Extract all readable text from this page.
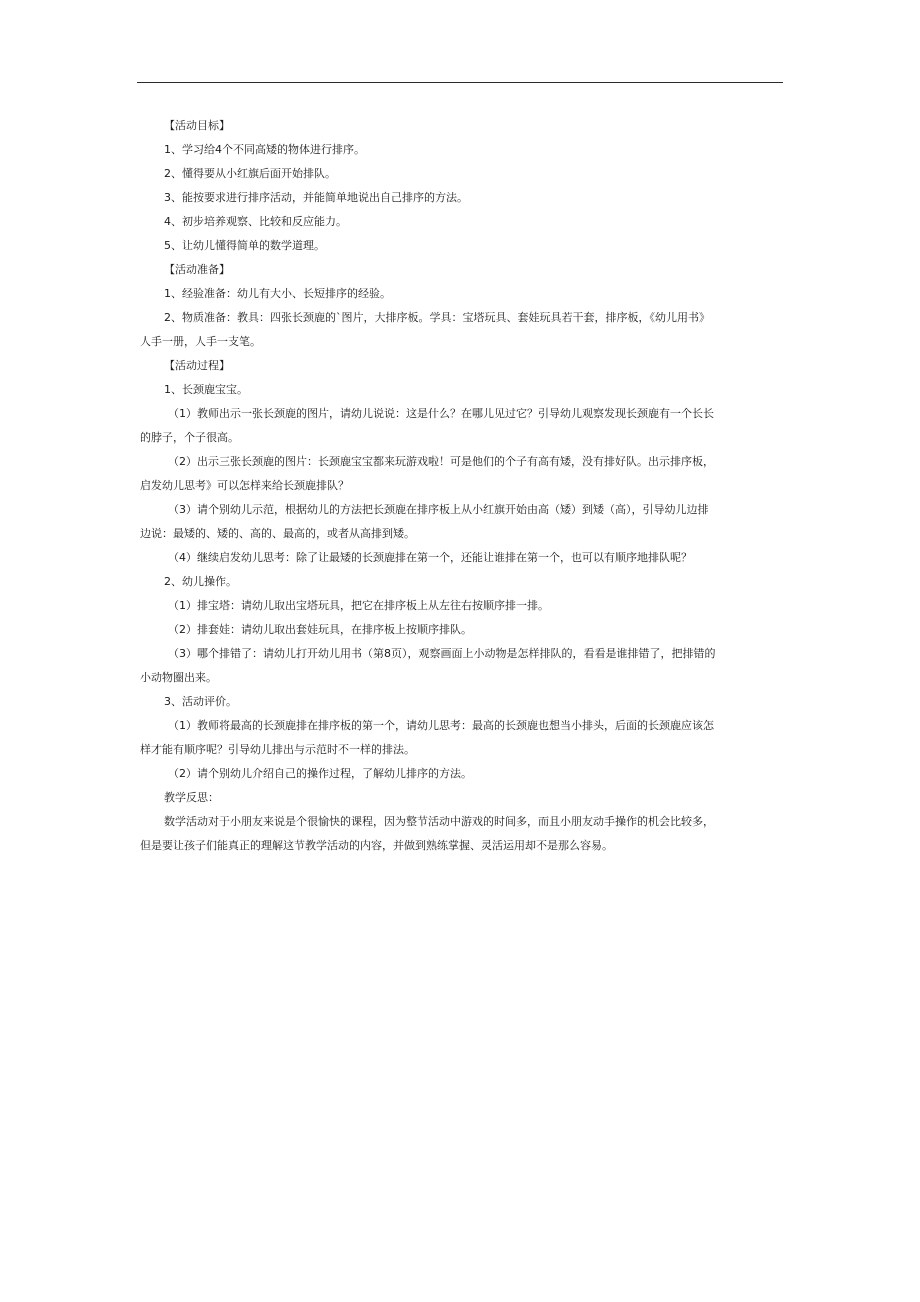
【活动目标】
1、学习给4个不同高矮的物体进行排序。
2、懂得要从小红旗后面开始排队。
3、能按要求进行排序活动，并能简单地说出自己排序的方法。
4、初步培养观察、比较和反应能力。
5、让幼儿懂得简单的数学道理。
【活动准备】
1、经验准备：幼儿有大小、长短排序的经验。
2、物质准备：教具：四张长颈鹿的`图片，大排序板。学具：宝塔玩具、套娃玩具若干套，排序板，《幼儿用书》
人手一册，人手一支笔。
【活动过程】
1、长颈鹿宝宝。
（1）教师出示一张长颈鹿的图片，请幼儿说说：这是什么？在哪儿见过它？引导幼儿观察发现长颈鹿有一个长长
的脖子，个子很高。
（2）出示三张长颈鹿的图片：长颈鹿宝宝都来玩游戏啦！可是他们的个子有高有矮，没有排好队。出示排序板，
启发幼儿思考》可以怎样来给长颈鹿排队？
（3）请个别幼儿示范，根据幼儿的方法把长颈鹿在排序板上从小红旗开始由高（矮）到矮（高），引导幼儿边排
边说：最矮的、矮的、高的、最高的，或者从高排到矮。
（4）继续启发幼儿思考：除了让最矮的长颈鹿排在第一个，还能让谁排在第一个，也可以有顺序地排队呢？
2、幼儿操作。
（1）排宝塔：请幼儿取出宝塔玩具，把它在排序板上从左往右按顺序排一排。
（2）排套娃：请幼儿取出套娃玩具，在排序板上按顺序排队。
（3）哪个排错了：请幼儿打开幼儿用书（第8页），观察画面上小动物是怎样排队的，看看是谁排错了，把排错的
小动物圈出来。
3、活动评价。
（1）教师将最高的长颈鹿排在排序板的第一个，请幼儿思考：最高的长颈鹿也想当小排头，后面的长颈鹿应该怎
样才能有顺序呢？引导幼儿排出与示范时不一样的排法。
（2）请个别幼儿介绍自己的操作过程，了解幼儿排序的方法。
教学反思：
数学活动对于小朋友来说是个很愉快的课程，因为整节活动中游戏的时间多，而且小朋友动手操作的机会比较多，
但是要让孩子们能真正的理解这节教学活动的内容，并做到熟练掌握、灵活运用却不是那么容易。
